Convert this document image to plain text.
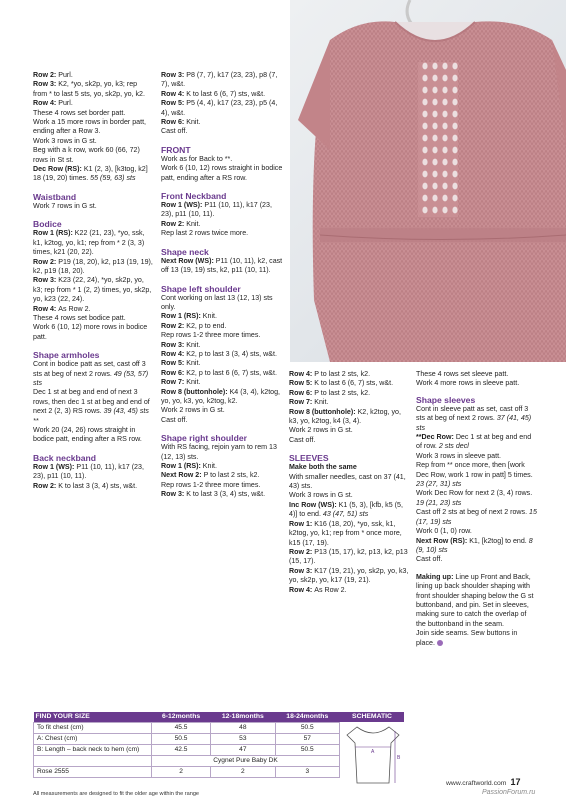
Row 2: Purl.

Row 3: K2, *yo, sk2p, yo, k3; rep from * to last 5 sts, yo, sk2p, yo, k2.

Row 4: Purl.

These 4 rows set border patt.

Work a 15 more rows in border patt, ending after a Row 3.

Work 3 rows in G st.

Beg with a k row, work 60 (66, 72) rows in St st.

Dec Row (RS): K1 (2, 3), [k3tog, k2] 18 (19, 20) times. 55 (59, 63) sts

Waistband

Work 7 rows in G st.

Bodice

Row 1 (RS): K22 (21, 23), *yo, ssk, k1, k2tog, yo, k1; rep from * 2 (3, 3) times, k21 (20, 22).

Row 2: P19 (18, 20), k2, p13 (19, 19), k2, p19 (18, 20).

Row 3: K23 (22, 24), *yo, sk2p, yo, k3; rep from * 1 (2, 2) times, yo, sk2p, yo, k23 (22, 24).

Row 4: As Row 2.

These 4 rows set bodice patt.

Work 6 (10, 12) more rows in bodice patt.

Shape armholes

Cont in bodice patt as set, cast off 3 sts at beg of next 2 rows. 49 (53, 57) sts

Dec 1 st at beg and end of next 3 rows, then dec 1 st at beg and end of next 2 (2, 3) RS rows. 39 (43, 45) sts **

Work 20 (24, 26) rows straight in bodice patt, ending after a RS row.

Back neckband

Row 1 (WS): P11 (10, 11), k17 (23, 23), p11 (10, 11).

Row 2: K to last 3 (3, 4) sts, w&t.

Row 3: P8 (7, 7), k17 (23, 23), p8 (7, 7), w&t.

Row 4: K to last 6 (6, 7) sts, w&t.

Row 5: P5 (4, 4), k17 (23, 23), p5 (4, 4), w&t.

Row 6: Knit.

Cast off.

FRONT

Work as for Back to **.

Work 6 (10, 12) rows straight in bodice patt, ending after a RS row.

Front Neckband

Row 1 (WS): P11 (10, 11), k17 (23, 23), p11 (10, 11).

Row 2: Knit.

Rep last 2 rows twice more.

Shape neck

Next Row (WS): P11 (10, 11), k2, cast off 13 (19, 19) sts, k2, p11 (10, 11).

Shape left shoulder

Cont working on last 13 (12, 13) sts only.

Row 1 (RS): Knit.

Row 2: K2, p to end.

Rep rows 1-2 three more times.

Row 3: Knit.

Row 4: K2, p to last 3 (3, 4) sts, w&t.

Row 5: Knit.

Row 6: K2, p to last 6 (6, 7) sts, w&t.

Row 7: Knit.

Row 8 (buttonhole): K4 (3, 4), k2tog, yo, yo, k3, yo, k2tog, k2.

Work 2 rows in G st.

Cast off.

Shape right shoulder

With RS facing, rejoin yarn to rem 13 (12, 13) sts.

Row 1 (RS): Knit.

Next Row 2: P to last 2 sts, k2.

Rep rows 1-2 three more times.

Row 3: K to last 3 (3, 4) sts, w&t.

Row 4: P to last 2 sts, k2.

Row 5: K to last 6 (6, 7) sts, w&t.

Row 6: P to last 2 sts, k2.

Row 7: Knit.

Row 8 (buttonhole): K2, k2tog, yo, k3, yo, k2tog, k4 (3, 4).

Work 2 rows in G st.

Cast off.

SLEEVES

Make both the same

With smaller needles, cast on 37 (41, 43) sts.

Work 3 rows in G st.

Inc Row (WS): K1 (5, 3), [kfb, k5 (5, 4)] to end. 43 (47, 51) sts

Row 1: K16 (18, 20), *yo, ssk, k1, k2tog, yo, k1; rep from * once more, k15 (17, 19).

Row 2: P13 (15, 17), k2, p13, k2, p13 (15, 17).

Row 3: K17 (19, 21), yo, sk2p, yo, k3, yo, sk2p, yo, k17 (19, 21).

Row 4: As Row 2.

These 4 rows set sleeve patt.

Work 4 more rows in sleeve patt.

Shape sleeves

Cont in sleeve patt as set, cast off 3 sts at beg of next 2 rows. 37 (41, 45) sts

**Dec Row: Dec 1 st at beg and end of row. 2 sts decl

Work 3 rows in sleeve patt.

Rep from ** once more, then [work Dec Row, work 1 row in patt] 5 times. 23 (27, 31) sts

Work Dec Row for next 2 (3, 4) rows. 19 (21, 23) sts

Cast off 2 sts at beg of next 2 rows. 15 (17, 19) sts

Work 0 (1, 0) row.

Next Row (RS): K1, [k2tog] to end. 8 (9, 10) sts

Cast off.

Making up: Line up Front and Back, lining up back shoulder shaping with front shoulder shaping below the G st buttonband, and pin. Set in sleeves, making sure to catch the overlap of the buttonband in the seam.

Join side seams. Sew buttons in place.

FIND YOUR SIZE	6-12months	12-18months	18-24months
To fit chest (cm)	45.5	48	50.5
A: Chest (cm)	50.5	53	57
B: Length – back neck to hem (cm)	42.5	47	50.5
	Cygnet Pure Baby DK		
Rose 2555	2	2	3
SCHEMATIC
A
B
All measurements are designed to fit the older age within the range
www.craftworld.com 17
PassionForum.ru
